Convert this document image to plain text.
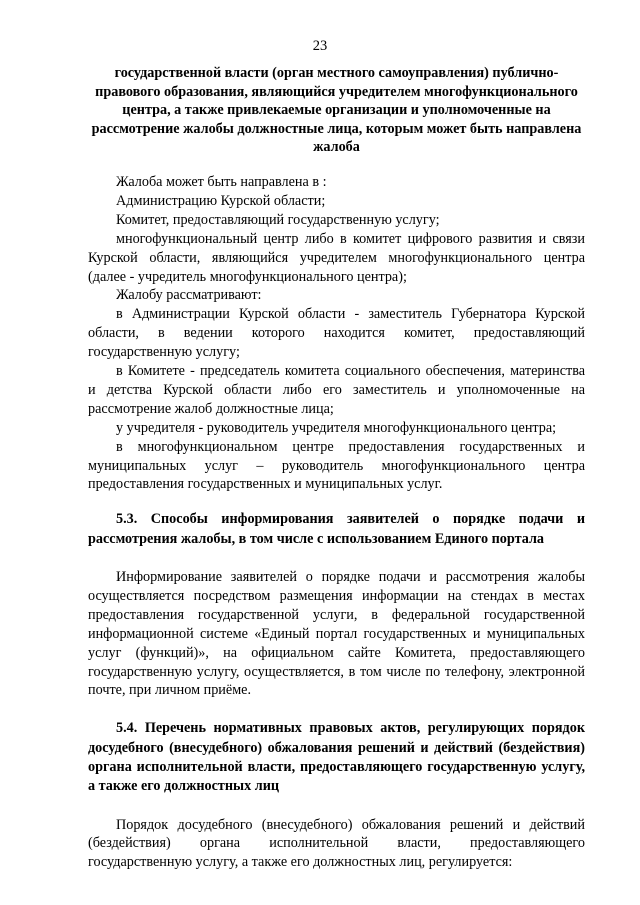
23

государственной власти (орган местного самоуправления) публично-правового образования, являющийся учредителем многофункционального центра, а также привлекаемые организации и уполномоченные на рассмотрение жалобы должностные лица, которым может быть направлена жалоба

Жалоба может быть направлена в :

Администрацию Курской области;

Комитет, предоставляющий государственную услугу;

многофункциональный центр либо в комитет цифрового развития и связи Курской области, являющийся учредителем многофункционального центра (далее - учредитель многофункционального центра);

Жалобу рассматривают:

в Администрации Курской области - заместитель Губернатора Курской области, в ведении которого находится комитет, предоставляющий государственную услугу;

в Комитете - председатель комитета социального обеспечения, материнства и детства Курской области либо его заместитель и уполномоченные на рассмотрение жалоб должностные лица;

у учредителя - руководитель учредителя многофункционального центра;

в многофункциональном центре предоставления государственных и муниципальных услуг – руководитель многофункционального центра предоставления государственных и муниципальных услуг.

5.3. Способы информирования заявителей о порядке подачи и рассмотрения жалобы, в том числе с использованием Единого портала

Информирование заявителей о порядке подачи и рассмотрения жалобы осуществляется посредством размещения информации на стендах в местах предоставления государственной услуги, в федеральной государственной информационной системе «Единый портал государственных и муниципальных услуг (функций)», на официальном сайте Комитета, предоставляющего государственную услугу, осуществляется, в том числе по телефону, электронной почте, при личном приёме.

5.4. Перечень нормативных правовых актов, регулирующих порядок досудебного (внесудебного) обжалования решений и действий (бездействия) органа исполнительной власти, предоставляющего государственную услугу, а также его должностных лиц

Порядок досудебного (внесудебного) обжалования решений и действий (бездействия) органа исполнительной власти, предоставляющего государственную услугу, а также его должностных лиц, регулируется:
